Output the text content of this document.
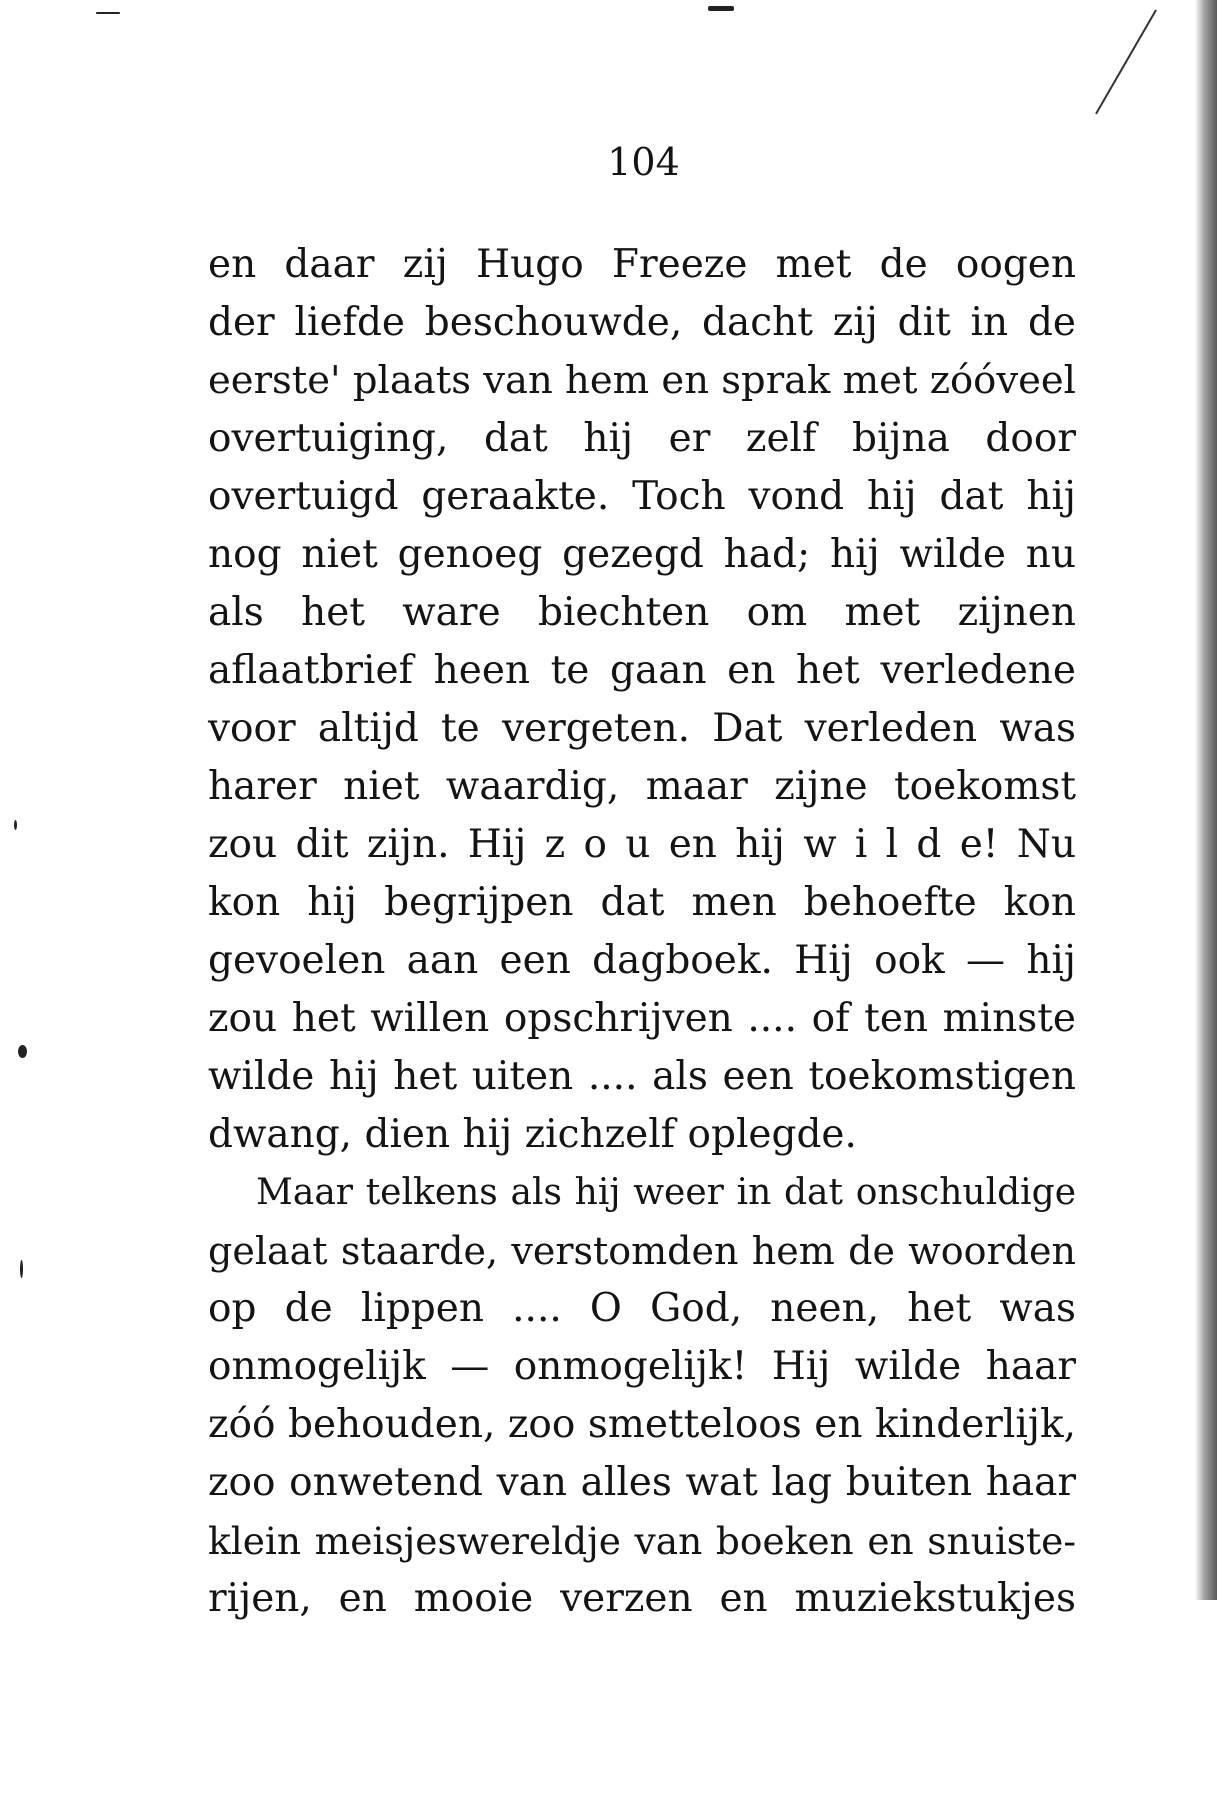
104

en daar zij Hugo Freeze met de oogen
der liefde beschouwde, dacht zij dit in de
eerste' plaats van hem en sprak met zóóveel
overtuiging, dat hij er zelf bijna door
overtuigd geraakte. Toch vond hij dat hij
nog niet genoeg gezegd had; hij wilde nu
als het ware biechten om met zijnen
aflaatbrief heen te gaan en het verledene
voor altijd te vergeten. Dat verleden was
harer niet waardig, maar zijne toekomst
zou dit zijn. Hij z o u en hij w i l d e! Nu
kon hij begrijpen dat men behoefte kon
gevoelen aan een dagboek. Hij ook — hij
zou het willen opschrijven .... of ten minste
wilde hij het uiten .... als een toekomstigen
dwang, dien hij zichzelf oplegde.

Maar telkens als hij weer in dat onschuldige
gelaat staarde, verstomden hem de woorden
op de lippen .... O God, neen, het was
onmogelijk — onmogelijk! Hij wilde haar
zóó behouden, zoo smetteloos en kinderlijk,
zoo onwetend van alles wat lag buiten haar
klein meisjeswereldje van boeken en snuiste-
rijen, en mooie verzen en muziekstukjes
